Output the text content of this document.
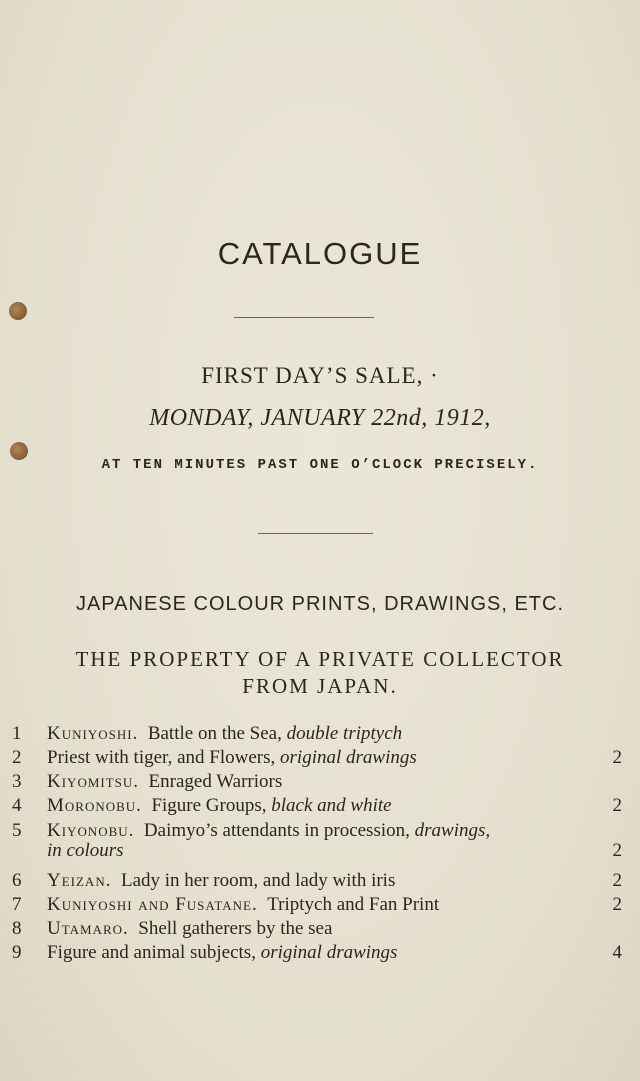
CATALOGUE
FIRST DAY’S SALE, ·
MONDAY, JANUARY 22nd, 1912,
AT TEN MINUTES PAST ONE O’CLOCK PRECISELY.
JAPANESE COLOUR PRINTS, DRAWINGS, ETC.
THE PROPERTY OF A PRIVATE COLLECTOR
FROM JAPAN.
1	Kuniyoshi. Battle on the Sea, double triptych
2	Priest with tiger, and Flowers, original drawings	2
3	Kiyomitsu. Enraged Warriors
4	Moronobu. Figure Groups, black and white	2
5	Kiyonobu. Daimyo’s attendants in procession, drawings,
in colours	2
6	Yeizan. Lady in her room, and lady with iris	2
7	Kuniyoshi and Fusatane. Triptych and Fan Print	2
8	Utamaro. Shell gatherers by the sea
9	Figure and animal subjects, original drawings	4
